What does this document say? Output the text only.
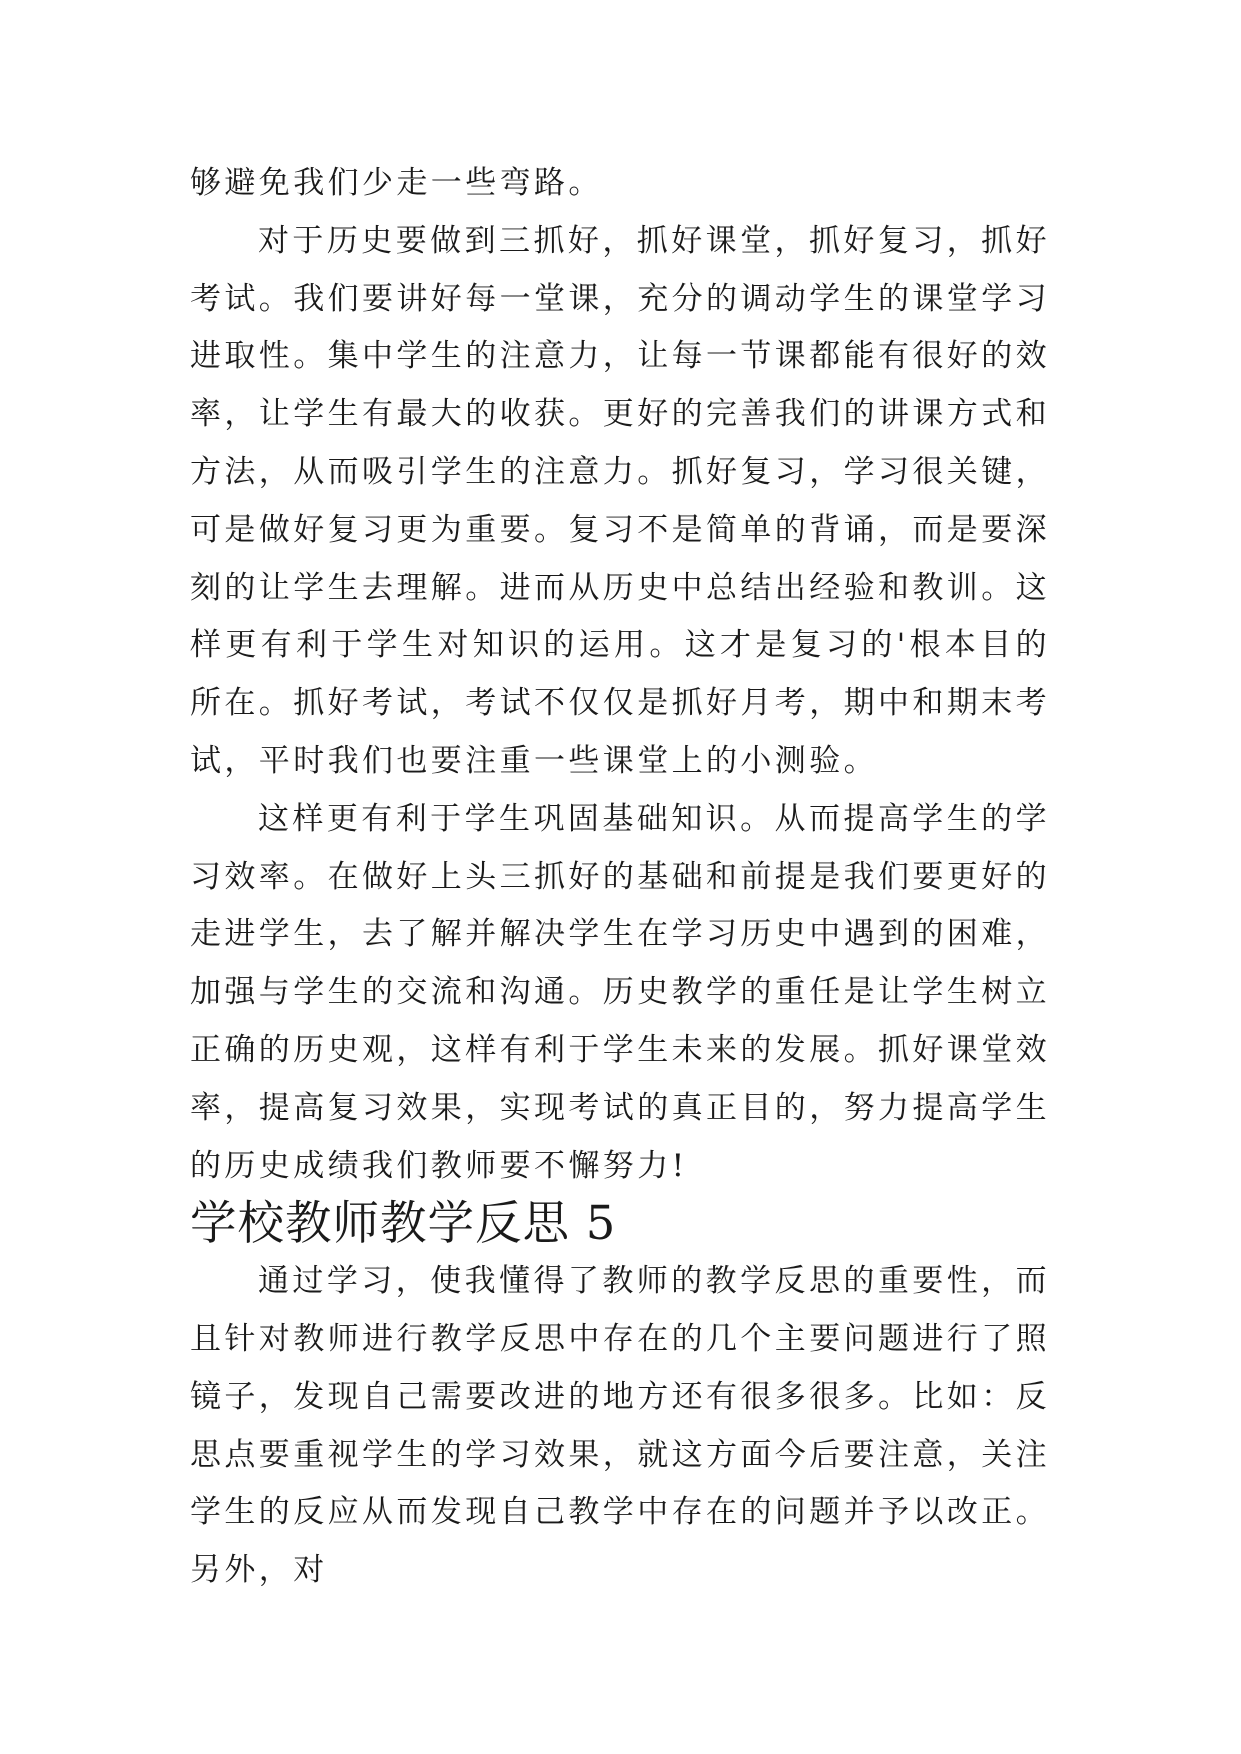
够避免我们少走一些弯路。

对于历史要做到三抓好，抓好课堂，抓好复习，抓好考试。我们要讲好每一堂课，充分的调动学生的课堂学习进取性。集中学生的注意力，让每一节课都能有很好的效率，让学生有最大的收获。更好的完善我们的讲课方式和方法，从而吸引学生的注意力。抓好复习，学习很关键，可是做好复习更为重要。复习不是简单的背诵，而是要深刻的让学生去理解。进而从历史中总结出经验和教训。这样更有利于学生对知识的运用。这才是复习的'根本目的所在。抓好考试，考试不仅仅是抓好月考，期中和期末考试，平时我们也要注重一些课堂上的小测验。

这样更有利于学生巩固基础知识。从而提高学生的学习效率。在做好上头三抓好的基础和前提是我们要更好的走进学生，去了解并解决学生在学习历史中遇到的困难，加强与学生的交流和沟通。历史教学的重任是让学生树立正确的历史观，这样有利于学生未来的发展。抓好课堂效率，提高复习效果，实现考试的真正目的，努力提高学生的历史成绩我们教师要不懈努力!

学校教师教学反思 5

通过学习，使我懂得了教师的教学反思的重要性，而且针对教师进行教学反思中存在的几个主要问题进行了照镜子，发现自己需要改进的地方还有很多很多。比如：反思点要重视学生的学习效果，就这方面今后要注意，关注学生的反应从而发现自己教学中存在的问题并予以改正。另外，对
